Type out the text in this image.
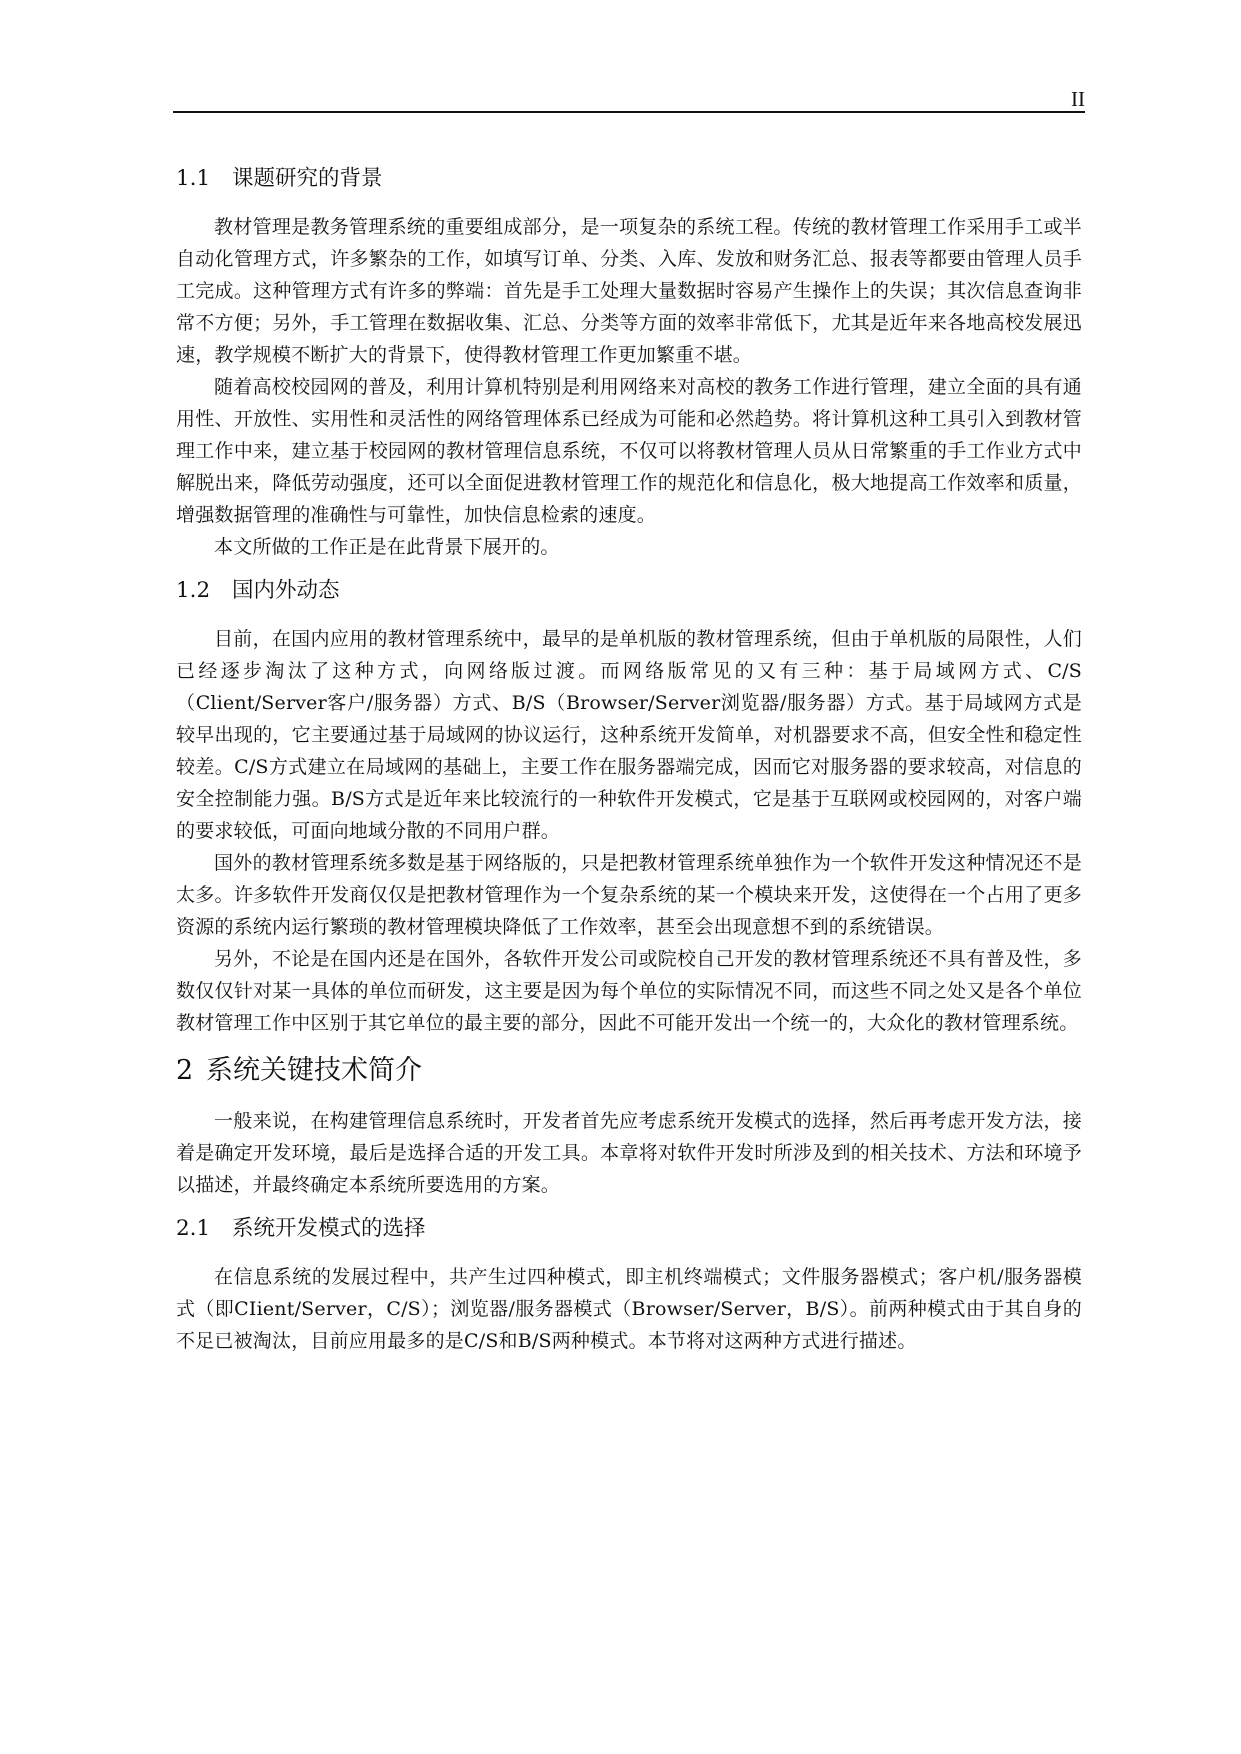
II
1.1 课题研究的背景

教材管理是教务管理系统的重要组成部分，是一项复杂的系统工程。传统的教材管理工作采用手工或半自动化管理方式，许多繁杂的工作，如填写订单、分类、入库、发放和财务汇总、报表等都要由管理人员手工完成。这种管理方式有许多的弊端：首先是手工处理大量数据时容易产生操作上的失误；其次信息查询非常不方便；另外，手工管理在数据收集、汇总、分类等方面的效率非常低下，尤其是近年来各地高校发展迅速，教学规模不断扩大的背景下，使得教材管理工作更加繁重不堪。

随着高校校园网的普及，利用计算机特别是利用网络来对高校的教务工作进行管理，建立全面的具有通用性、开放性、实用性和灵活性的网络管理体系已经成为可能和必然趋势。将计算机这种工具引入到教材管理工作中来，建立基于校园网的教材管理信息系统，不仅可以将教材管理人员从日常繁重的手工作业方式中解脱出来，降低劳动强度，还可以全面促进教材管理工作的规范化和信息化，极大地提高工作效率和质量，增强数据管理的准确性与可靠性，加快信息检索的速度。

本文所做的工作正是在此背景下展开的。

1.2 国内外动态

目前，在国内应用的教材管理系统中，最早的是单机版的教材管理系统，但由于单机版的局限性，人们已经逐步淘汰了这种方式，向网络版过渡。而网络版常见的又有三种：基于局域网方式、C/S（Client/Server客户/服务器）方式、B/S（Browser/Server浏览器/服务器）方式。基于局域网方式是较早出现的，它主要通过基于局域网的协议运行，这种系统开发简单，对机器要求不高，但安全性和稳定性较差。C/S方式建立在局域网的基础上，主要工作在服务器端完成，因而它对服务器的要求较高，对信息的安全控制能力强。B/S方式是近年来比较流行的一种软件开发模式，它是基于互联网或校园网的，对客户端的要求较低，可面向地域分散的不同用户群。

国外的教材管理系统多数是基于网络版的，只是把教材管理系统单独作为一个软件开发这种情况还不是太多。许多软件开发商仅仅是把教材管理作为一个复杂系统的某一个模块来开发，这使得在一个占用了更多资源的系统内运行繁琐的教材管理模块降低了工作效率，甚至会出现意想不到的系统错误。

另外，不论是在国内还是在国外，各软件开发公司或院校自己开发的教材管理系统还不具有普及性，多数仅仅针对某一具体的单位而研发，这主要是因为每个单位的实际情况不同，而这些不同之处又是各个单位教材管理工作中区别于其它单位的最主要的部分，因此不可能开发出一个统一的，大众化的教材管理系统。

2 系统关键技术简介

一般来说，在构建管理信息系统时，开发者首先应考虑系统开发模式的选择，然后再考虑开发方法，接着是确定开发环境，最后是选择合适的开发工具。本章将对软件开发时所涉及到的相关技术、方法和环境予以描述，并最终确定本系统所要选用的方案。

2.1 系统开发模式的选择

在信息系统的发展过程中，共产生过四种模式，即主机终端模式；文件服务器模式；客户机/服务器模式（即CIient/Server，C/S）；浏览器/服务器模式（Browser/Server，B/S）。前两种模式由于其自身的不足已被淘汰，目前应用最多的是C/S和B/S两种模式。本节将对这两种方式进行描述。
